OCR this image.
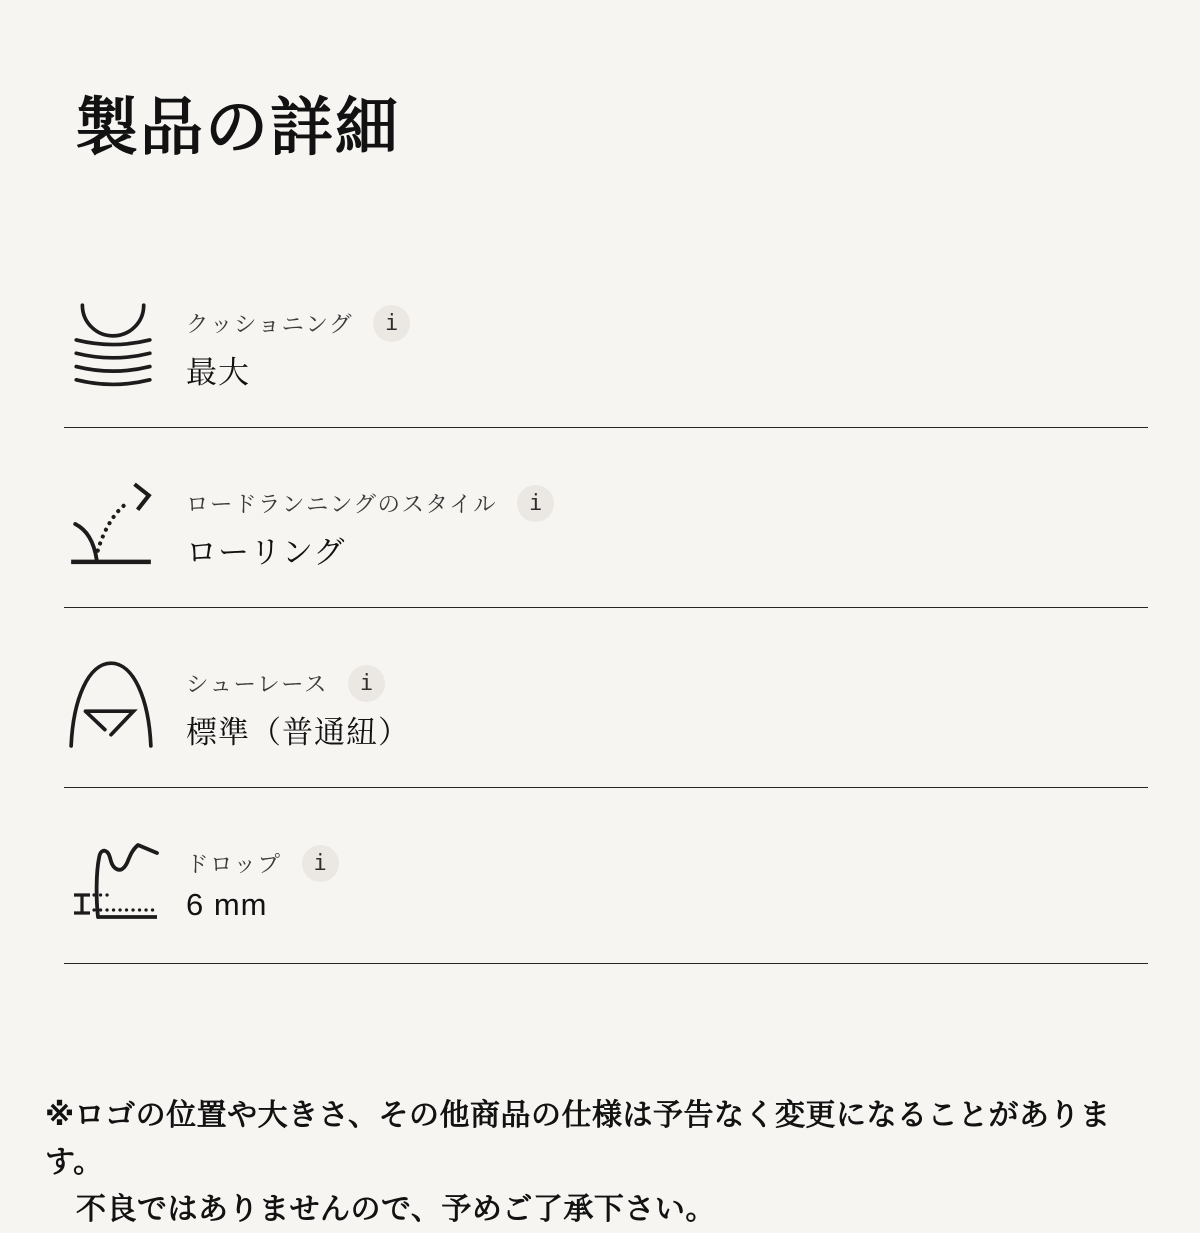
製品の詳細
クッショニング	i
最大
ロードランニングのスタイル	i
ローリング
シューレース	i
標準（普通紐）
ドロップ	i
6 mm
※ロゴの位置や大きさ、その他商品の仕様は予告なく変更になることがあります。
不良ではありませんので、予めご了承下さい。
